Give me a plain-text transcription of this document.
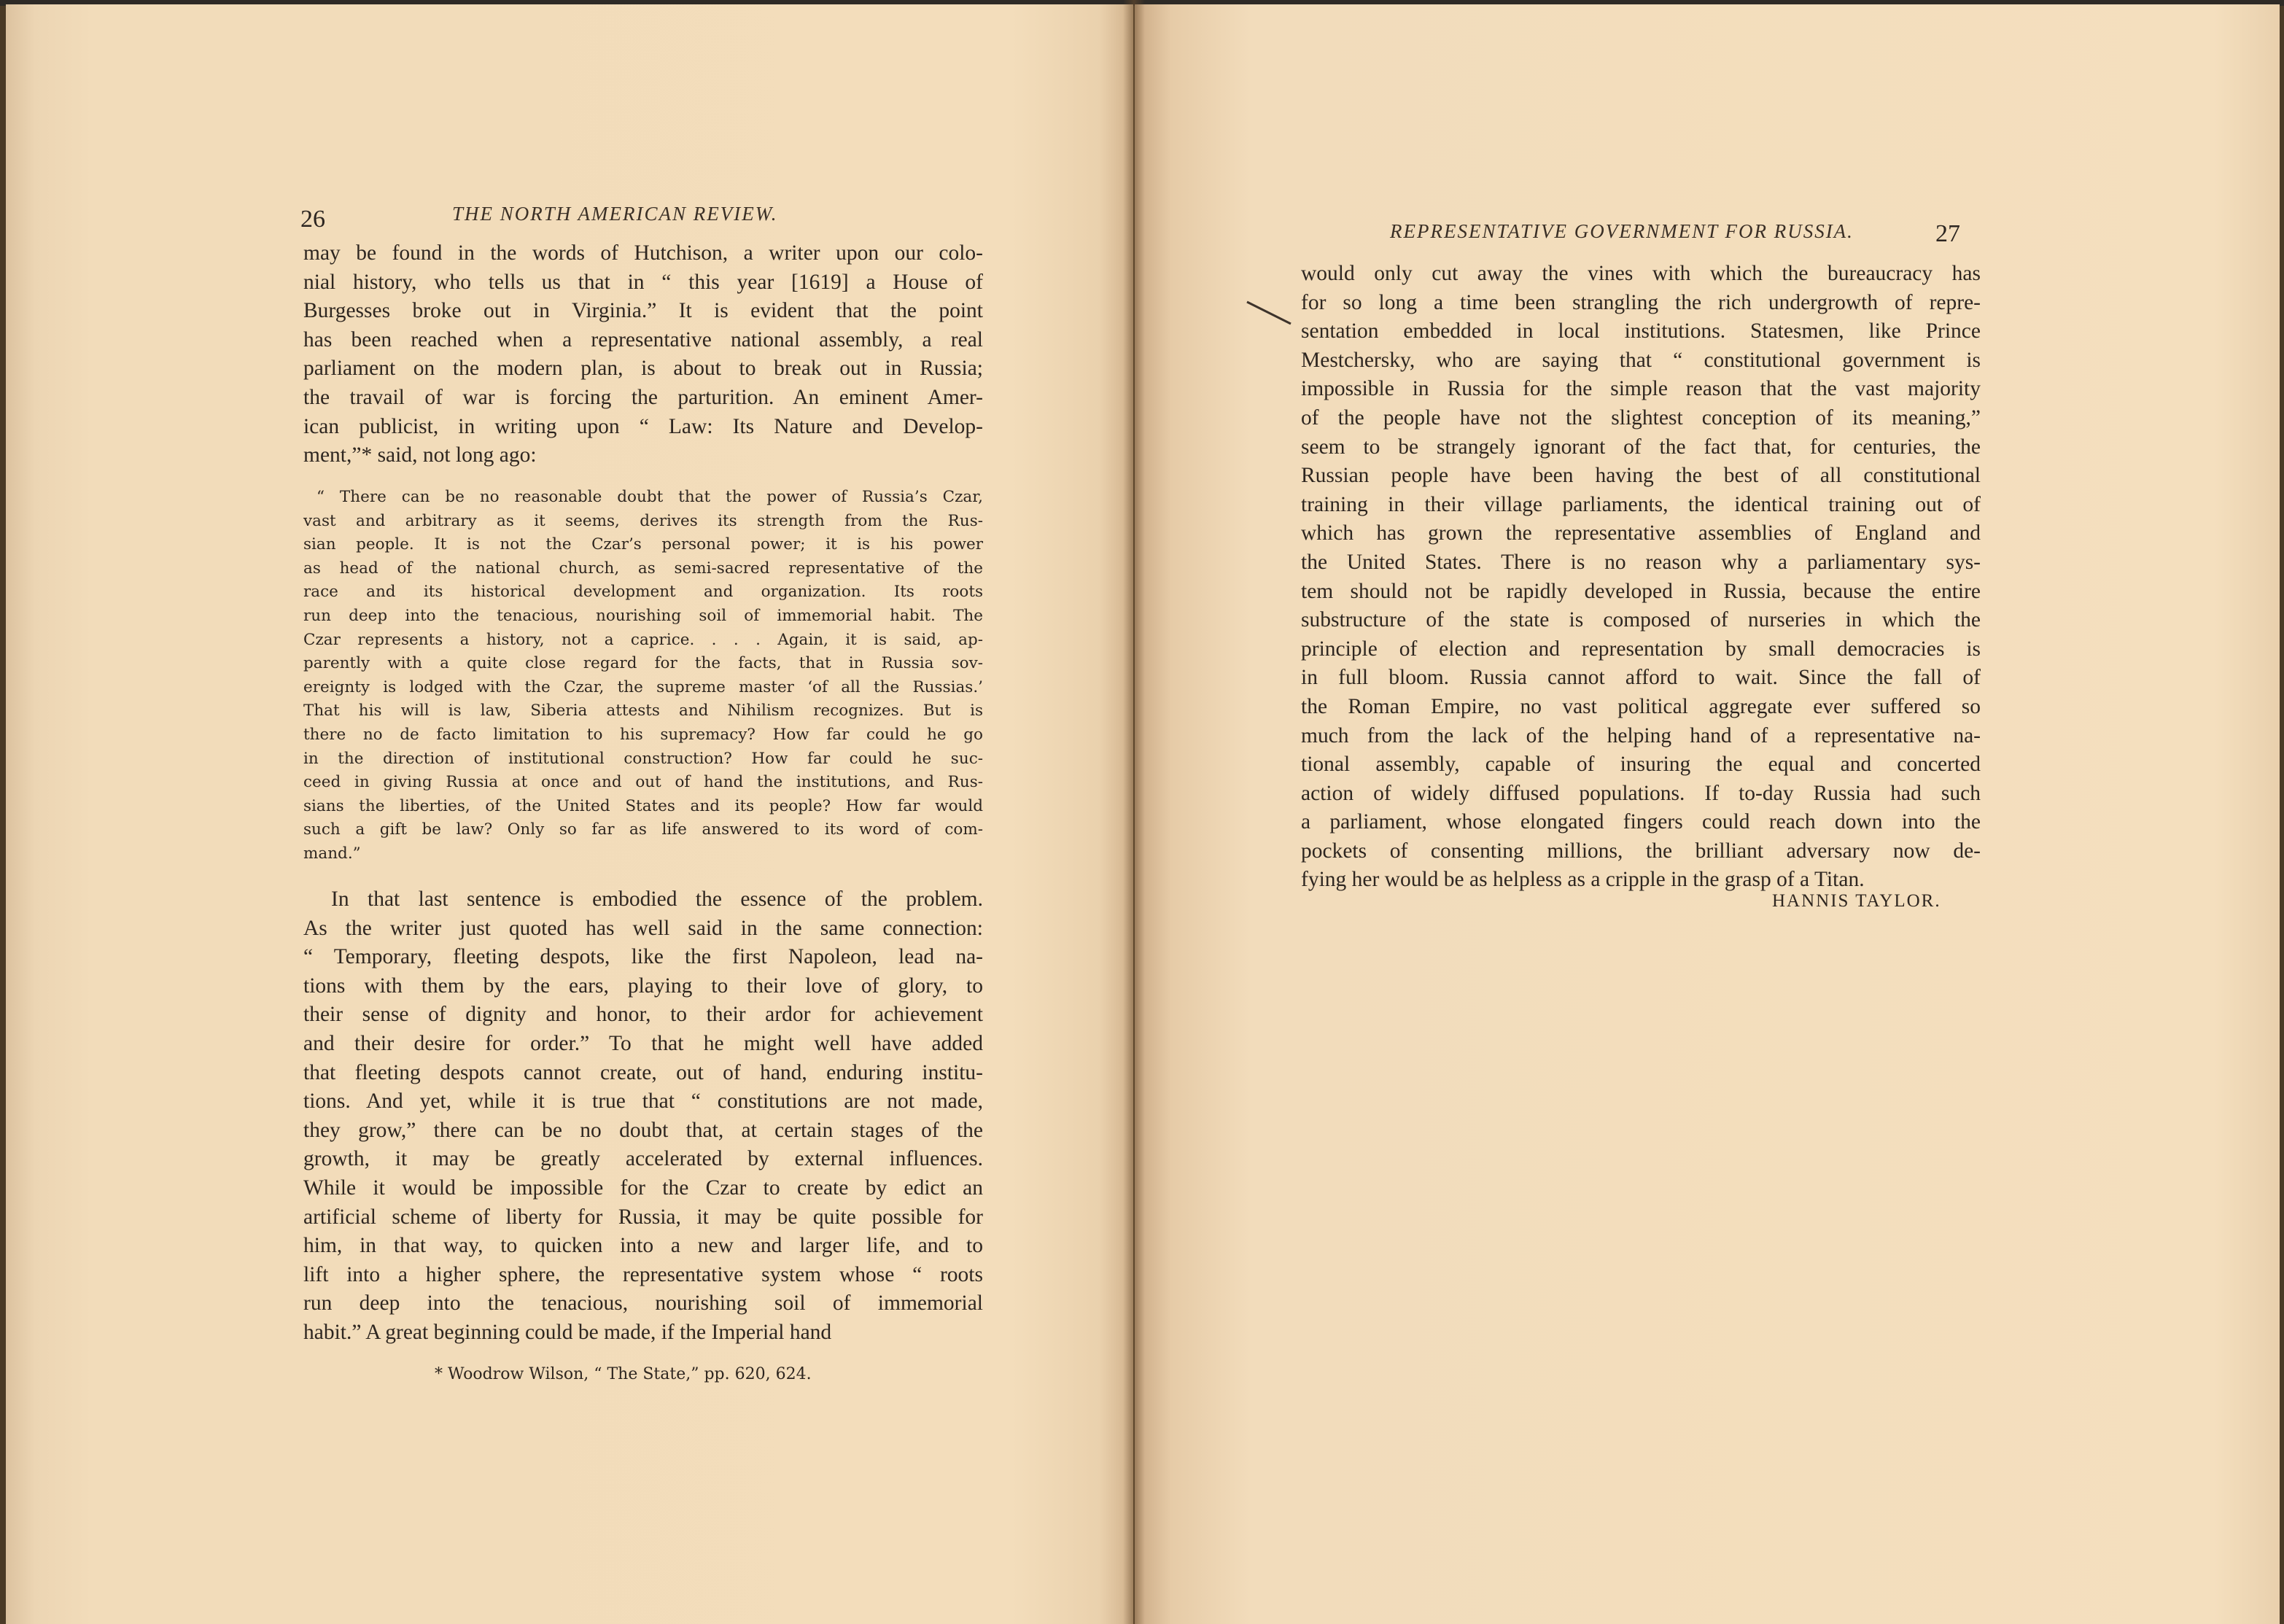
26	THE NORTH AMERICAN REVIEW.
may be found in the words of Hutchison, a writer upon our colo-
nial history, who tells us that in “ this year [1619] a House of
Burgesses broke out in Virginia.” It is evident that the point
has been reached when a representative national assembly, a real
parliament on the modern plan, is about to break out in Russia;
the travail of war is forcing the parturition. An eminent Amer-
ican publicist, in writing upon “ Law: Its Nature and Develop-
ment,”* said, not long ago:
“ There can be no reasonable doubt that the power of Russia’s Czar,
vast and arbitrary as it seems, derives its strength from the Rus-
sian people. It is not the Czar’s personal power; it is his power
as head of the national church, as semi-sacred representative of the
race and its historical development and organization. Its roots
run deep into the tenacious, nourishing soil of immemorial habit. The
Czar represents a history, not a caprice. . . . Again, it is said, ap-
parently with a quite close regard for the facts, that in Russia sov-
ereignty is lodged with the Czar, the supreme master ‘of all the Russias.’
That his will is law, Siberia attests and Nihilism recognizes. But is
there no de facto limitation to his supremacy? How far could he go
in the direction of institutional construction? How far could he suc-
ceed in giving Russia at once and out of hand the institutions, and Rus-
sians the liberties, of the United States and its people? How far would
such a gift be law? Only so far as life answered to its word of com-
mand.”
In that last sentence is embodied the essence of the problem.
As the writer just quoted has well said in the same connection:
“ Temporary, fleeting despots, like the first Napoleon, lead na-
tions with them by the ears, playing to their love of glory, to
their sense of dignity and honor, to their ardor for achievement
and their desire for order.” To that he might well have added
that fleeting despots cannot create, out of hand, enduring institu-
tions. And yet, while it is true that “ constitutions are not made,
they grow,” there can be no doubt that, at certain stages of the
growth, it may be greatly accelerated by external influences.
While it would be impossible for the Czar to create by edict an
artificial scheme of liberty for Russia, it may be quite possible for
him, in that way, to quicken into a new and larger life, and to
lift into a higher sphere, the representative system whose “ roots
run deep into the tenacious, nourishing soil of immemorial
habit.” A great beginning could be made, if the Imperial hand
* Woodrow Wilson, “ The State,” pp. 620, 624.
REPRESENTATIVE GOVERNMENT FOR RUSSIA.	27
would only cut away the vines with which the bureaucracy has
for so long a time been strangling the rich undergrowth of repre-
sentation embedded in local institutions. Statesmen, like Prince
Mestchersky, who are saying that “ constitutional government is
impossible in Russia for the simple reason that the vast majority
of the people have not the slightest conception of its meaning,”
seem to be strangely ignorant of the fact that, for centuries, the
Russian people have been having the best of all constitutional
training in their village parliaments, the identical training out of
which has grown the representative assemblies of England and
the United States. There is no reason why a parliamentary sys-
tem should not be rapidly developed in Russia, because the entire
substructure of the state is composed of nurseries in which the
principle of election and representation by small democracies is
in full bloom. Russia cannot afford to wait. Since the fall of
the Roman Empire, no vast political aggregate ever suffered so
much from the lack of the helping hand of a representative na-
tional assembly, capable of insuring the equal and concerted
action of widely diffused populations. If to-day Russia had such
a parliament, whose elongated fingers could reach down into the
pockets of consenting millions, the brilliant adversary now de-
fying her would be as helpless as a cripple in the grasp of a Titan.
HANNIS TAYLOR.
